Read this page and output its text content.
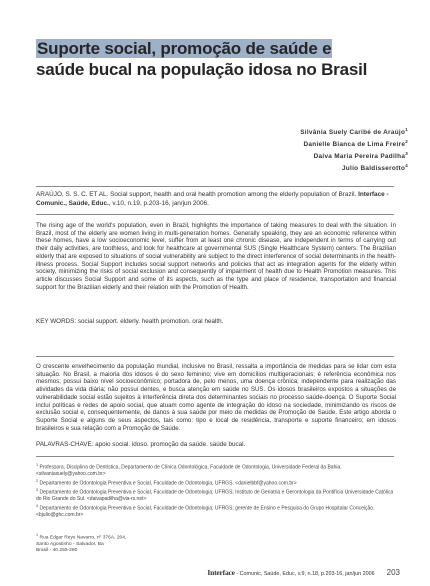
Suporte social, promoção de saúde e
saúde bucal na população idosa no Brasil
Silvânia Suely Caribé de Araújo$^1$
Danielle Bianca de Lima Freire$^2$
Daiva Maria Pereira Padilha$^3$
Julio Baldisserotto$^4$
ARAÚJO, S. S. C. ET AL. Social support, health and oral health promotion among the elderly population of Brazil. Interface - Comunic., Saúde, Educ., v.10, n.19, p.203-16, jan/jun 2006.
The rising age of the world's population, even in Brazil, highlights the importance of taking measures to deal with the situation. In Brazil, most of the elderly are women living in multi-generation homes. Generally speaking, they are an economic reference within these homes, have a low socioeconomic level, suffer from at least one chronic disease, are independent in terms of carrying out their daily activities, are toothless, and look for healthcare at governmental SUS (Single Healthcare System) centers. The Brazilian elderly that are exposed to situations of social vulnerability are subject to the direct interference of social determinants in the health-illness process. Social Support includes social support networks and policies that act as integration agents for the elderly within society, minimizing the risks of social exclusion and consequently of impairment of health due to Health Promotion measures. This article discusses Social Support and some of its aspects, such as the type and place of residence, transportation and financial support for the Brazilian elderly and their relation with the Promotion of Health.
KEY WORDS: social support. elderly. health promotion. oral health.
O crescente envelhecimento da população mundial, inclusive no Brasil, ressalta a importância de medidas para se lidar com esta situação. No Brasil, a maioria dos idosos é do sexo feminino; vive em domicílios multigeracionais; é referência econômica nos mesmos; possui baixo nível socioeconômico; portadora de, pelo menos, uma doença crônica; independente para realização das atividades da vida diária; não possui dentes, e busca atenção em saúde no SUS. Os idosos brasileiros expostos a situações de vulnerabilidade social estão sujeitos à interferência direta dos determinantes sociais no processo saúde-doença. O Suporte Social inclui políticas e redes de apoio social, que atuam como agente de integração do idoso na sociedade, minimizando os riscos de exclusão social e, consequentemente, de danos à sua saúde por meio de medidas de Promoção de Saúde. Este artigo aborda o Suporte Social e alguns de seus aspectos, tais como: tipo e local de residência, transporte e suporte financeiro; em idosos brasileiros e sua relação com a Promoção de Saúde.
PALAVRAS-CHAVE: apoio social. idoso. promoção da saúde. saúde bucal.

$^1$ Professora, Disciplina de Dentística, Departamento de Clínica Odontológica, Faculdade de Odontologia, Universidade Federal da Bahia. <silvaniasuely@yahoo.com.br>

$^2$ Departamento de Odontologia Preventiva e Social, Faculdade de Odontologia, UFRGS. <danielbbf@yahoo.com.br>

$^3$ Departamento de Odontologia Preventiva e Social, Faculdade de Odontologia, UFRGS; Instituto de Geriatria e Gerontologia da Pontifícia Universidade Católica do Rio Grande do Sul. <daivapadilha@via-rs.net>

$^4$ Departamento de Odontologia Preventiva e Social, Faculdade de Odontologia, UFRGS; gerente de Ensino e Pesquisa do Grupo Hospitalar Conceição. <bjulio@ghc.com.br>

$^1$ Rua Edgar Reys Navarro, nº 376A, 204,

Santo Agostinho - Salvador, Ba

Brasil - 40.255-280

Interface - Comunic, Saúde, Educ, v.9, n.18, p.203-16, jan/jun 2006 203
